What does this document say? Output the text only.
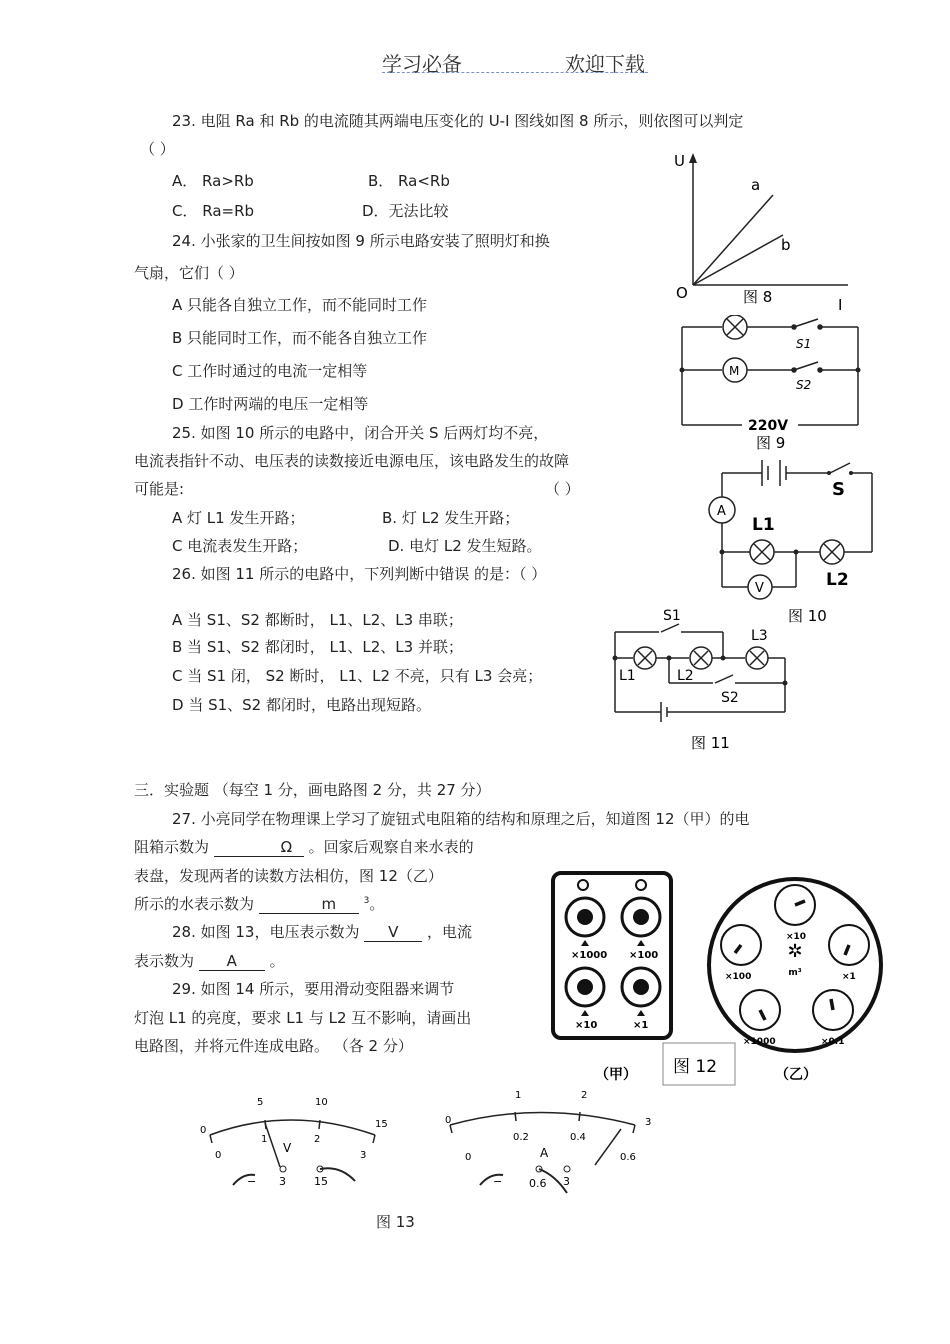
学习必备	欢迎下载
23. 电阻 Ra 和 Rb 的电流随其两端电压变化的 U-I 图线如图 8 所示，则依图可以判定
（ ）
A． Ra>Rb	B． Ra<Rb
C． Ra=Rb	D．无法比较
U
O
a
b
图 8	I
24. 小张家的卫生间按如图 9 所示电路安装了照明灯和换
气扇，它们（ ）
A 只能各自独立工作，而不能同时工作
B 只能同时工作，而不能各自独立工作
C 工作时通过的电流一定相等
D 工作时两端的电压一定相等
M
S1
S2
220V
图 9
25. 如图 10 所示的电路中，闭合开关 S 后两灯均不亮，
电流表指针不动、电压表的读数接近电源电压，该电路发生的故障
可能是:	（ ）
A 灯 L1 发生开路；	B. 灯 L2 发生开路；
C 电流表发生开路；	D. 电灯 L2 发生短路。
A
V
S
L1
L2
图 10
26. 如图 11 所示的电路中，下列判断中错误 的是：（ ）
A 当 S1、S2 都断时， L1、L2、L3 串联；
B 当 S1、S2 都闭时， L1、L2、L3 并联；
C 当 S1 闭， S2 断时， L1、L2 不亮，只有 L3 会亮；
D 当 S1、S2 都闭时，电路出现短路。
S1
S2
L1	L2
L3
图 11
三．实验题 （每空 1 分，画电路图 2 分，共 27 分）
27. 小亮同学在物理课上学习了旋钮式电阻箱的结构和原理之后，知道图 12（甲）的电
阻箱示数为	Ω 。回家后观察自来水表的
表盘，发现两者的读数方法相仿，图 12（乙）
所示的水表示数为	m	$^3$。
28. 如图 13，电压表示数为 V ，电流
表示数为 A 。
29. 如图 14 所示，要用滑动变阻器来调节
灯泡 L1 的亮度，要求 L1 与 L2 互不影响，请画出
电路图，并将元件连成电路。 （各 2 分）
×1000 ×100
×10	×1
（甲）
×10
×100	×1
×1000	×0.1
✲
m³
（乙）
图 12
0
5	10
15
0
1	2
3
V
− 3	15
0
1	2
3
0
0.2	0.4
0.6
A
− 0.6 3
图 13
